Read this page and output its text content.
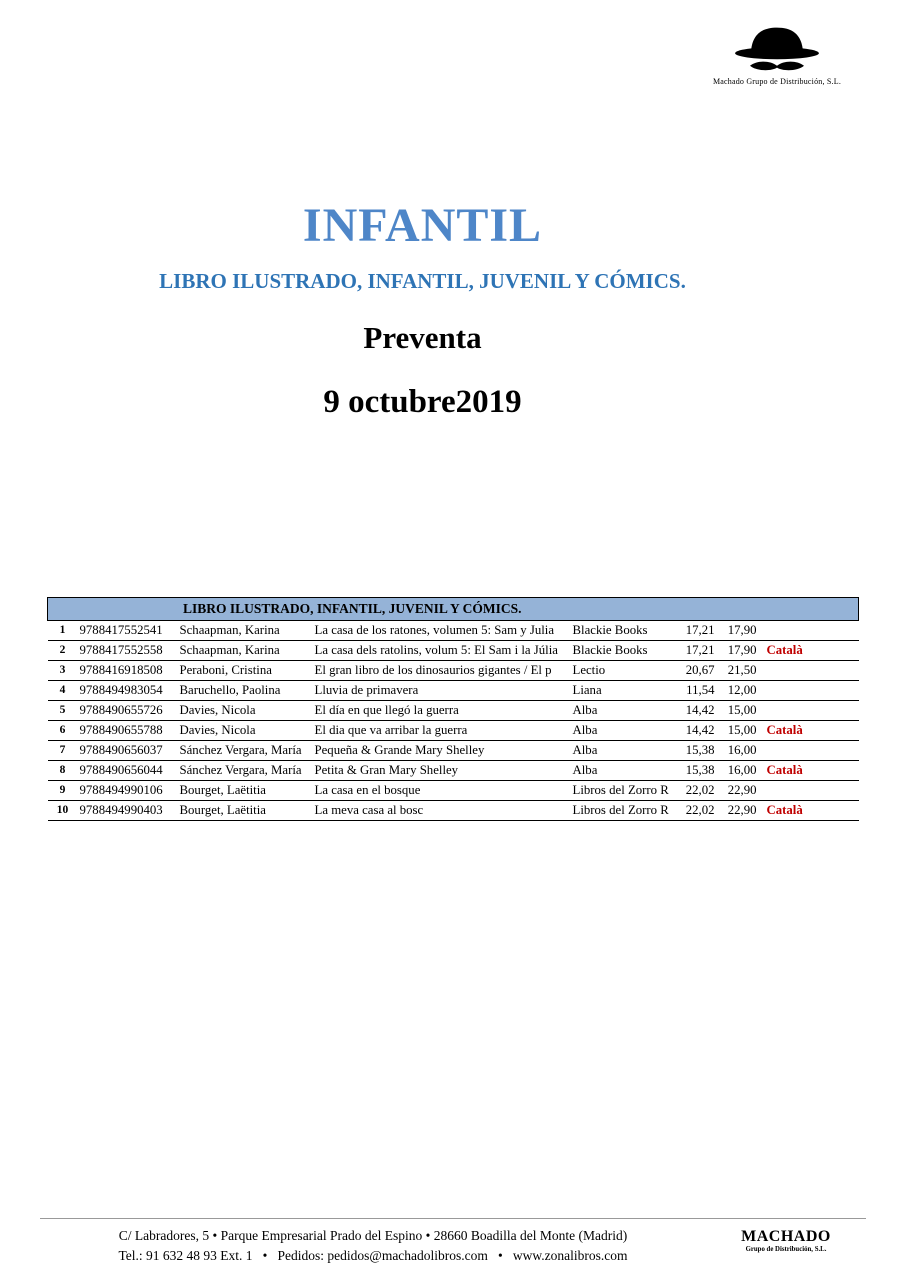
Machado Grupo de Distribución, S.L.
INFANTIL
LIBRO ILUSTRADO, INFANTIL, JUVENIL Y CÓMICS.
Preventa
9 octubre2019
LIBRO ILUSTRADO, INFANTIL, JUVENIL Y CÓMICS.							
1	9788417552541	Schaapman, Karina	La casa de los ratones, volumen 5: Sam y Julia	Blackie Books	17,21	17,90	
2	9788417552558	Schaapman, Karina	La casa dels ratolins, volum 5: El Sam i la Júlia	Blackie Books	17,21	17,90	Català
3	9788416918508	Peraboni, Cristina	El gran libro de los dinosaurios gigantes / El p	Lectio	20,67	21,50	
4	9788494983054	Baruchello, Paolina	Lluvia de primavera	Liana	11,54	12,00	
5	9788490655726	Davies, Nicola	El día en que llegó la guerra	Alba	14,42	15,00	
6	9788490655788	Davies, Nicola	El dia que va arribar la guerra	Alba	14,42	15,00	Català
7	9788490656037	Sánchez Vergara, María	Pequeña & Grande Mary Shelley	Alba	15,38	16,00	
8	9788490656044	Sánchez Vergara, María	Petita & Gran Mary Shelley	Alba	15,38	16,00	Català
9	9788494990106	Bourget, Laëtitia	La casa en el bosque	Libros del Zorro R	22,02	22,90	
10	9788494990403	Bourget, Laëtitia	La meva casa al bosc	Libros del Zorro R	22,02	22,90	Català
C/ Labradores, 5 • Parque Empresarial Prado del Espino • 28660 Boadilla del Monte (Madrid)
Tel.: 91 632 48 93 Ext. 1 • Pedidos: pedidos@machadolibros.com • www.zonalibros.com
MACHADO
Grupo de Distribución, S.L.
